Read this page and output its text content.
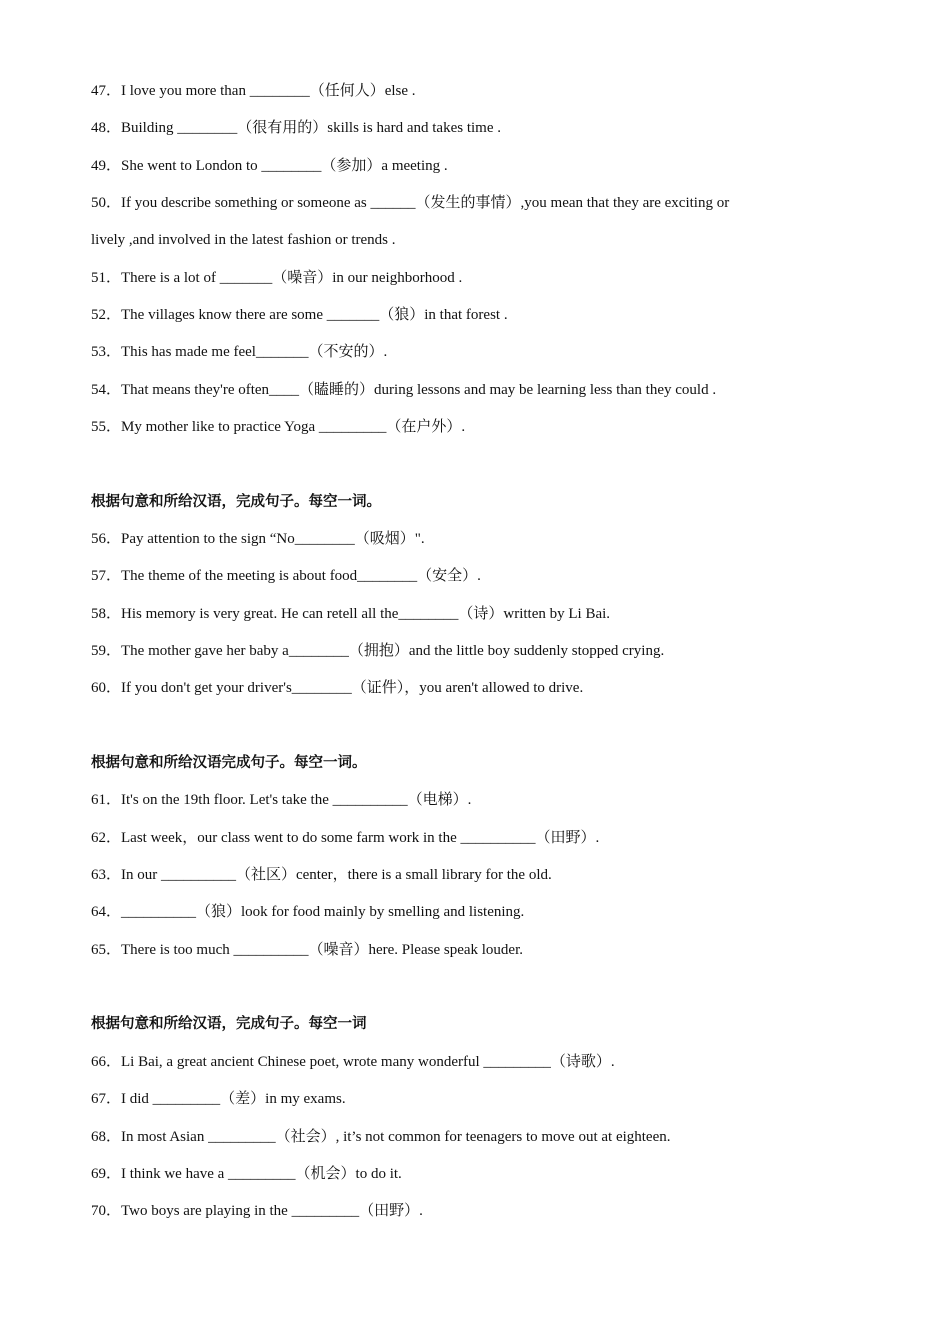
47．I love you more than ________（任何人）else .
48．Building ________（很有用的）skills is hard and takes time .
49．She went to London to ________（参加）a meeting .
50．If you describe something or someone as ______（发生的事情）,you mean that they are exciting or
lively ,and involved in the latest fashion or trends .
51．There is a lot of _______（噪音）in our neighborhood .
52．The villages know there are some _______（狼）in that forest .
53．This has made me feel_______（不安的）.
54．That means they're often____（瞌睡的）during lessons and may be learning less than they could .
55．My mother like to practice Yoga _________（在户外）.
根据句意和所给汉语，完成句子。每空一词。
56．Pay attention to the sign “No________（吸烟）".
57．The theme of the meeting is about food________（安全）.
58．His memory is very great. He can retell all the________（诗）written by Li Bai.
59．The mother gave her baby a________（拥抱）and the little boy suddenly stopped crying.
60．If you don't get your driver's________（证件），you aren't allowed to drive.
根据句意和所给汉语完成句子。每空一词。
61．It's on the 19th floor. Let's take the __________（电梯）.
62．Last week，our class went to do some farm work in the __________（田野）.
63．In our __________（社区）center，there is a small library for the old.
64．__________（狼）look for food mainly by smelling and listening.
65．There is too much __________（噪音）here. Please speak louder.
根据句意和所给汉语，完成句子。每空一词
66．Li Bai, a great ancient Chinese poet, wrote many wonderful _________（诗歌）.
67．I did _________（差）in my exams.
68．In most Asian _________（社会）, it’s not common for teenagers to move out at eighteen.
69．I think we have a _________（机会）to do it.
70．Two boys are playing in the _________（田野）.
